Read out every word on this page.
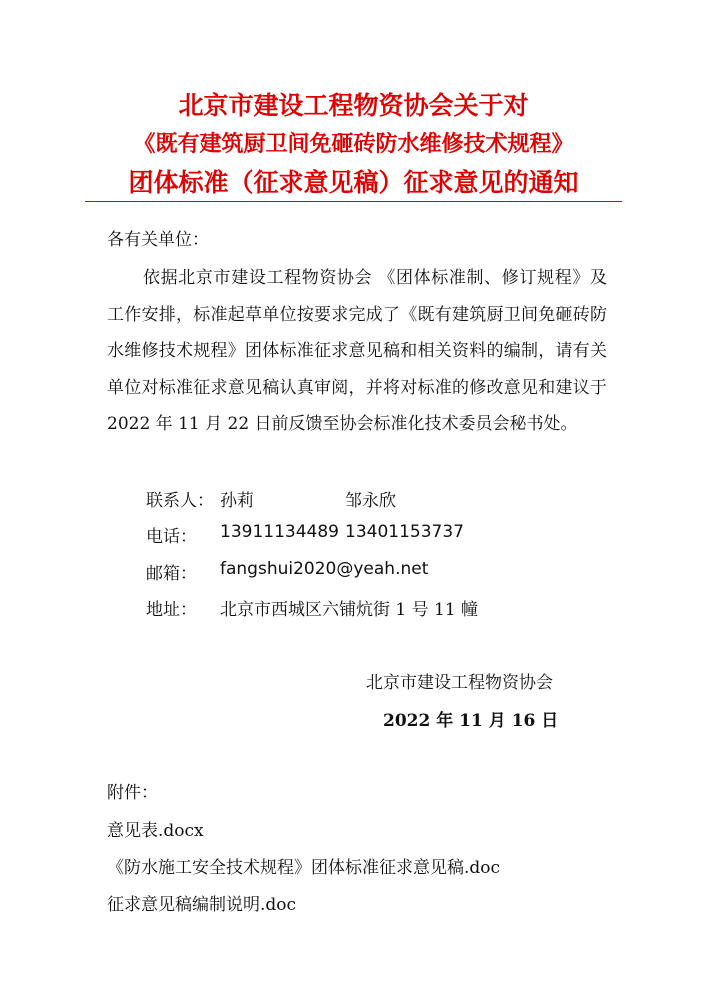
北京市建设工程物资协会关于对
《既有建筑厨卫间免砸砖防水维修技术规程》
团体标准（征求意见稿）征求意见的通知
各有关单位：
依据北京市建设工程物资协会 《团体标准制、修订规程》及工作安排，标准起草单位按要求完成了《既有建筑厨卫间免砸砖防水维修技术规程》团体标准征求意见稿和相关资料的编制，请有关单位对标准征求意见稿认真审阅，并将对标准的修改意见和建议于 2022 年 11 月 22 日前反馈至协会标准化技术委员会秘书处。
联系人： 孙莉	邹永欣
电话： 13911134489 13401153737
邮箱： fangshui2020@yeah.net
地址： 北京市西城区六铺炕街 1 号 11 幢
北京市建设工程物资协会
2022 年 11 月 16 日
附件：
意见表.docx
《防水施工安全技术规程》团体标准征求意见稿.doc
征求意见稿编制说明.doc
